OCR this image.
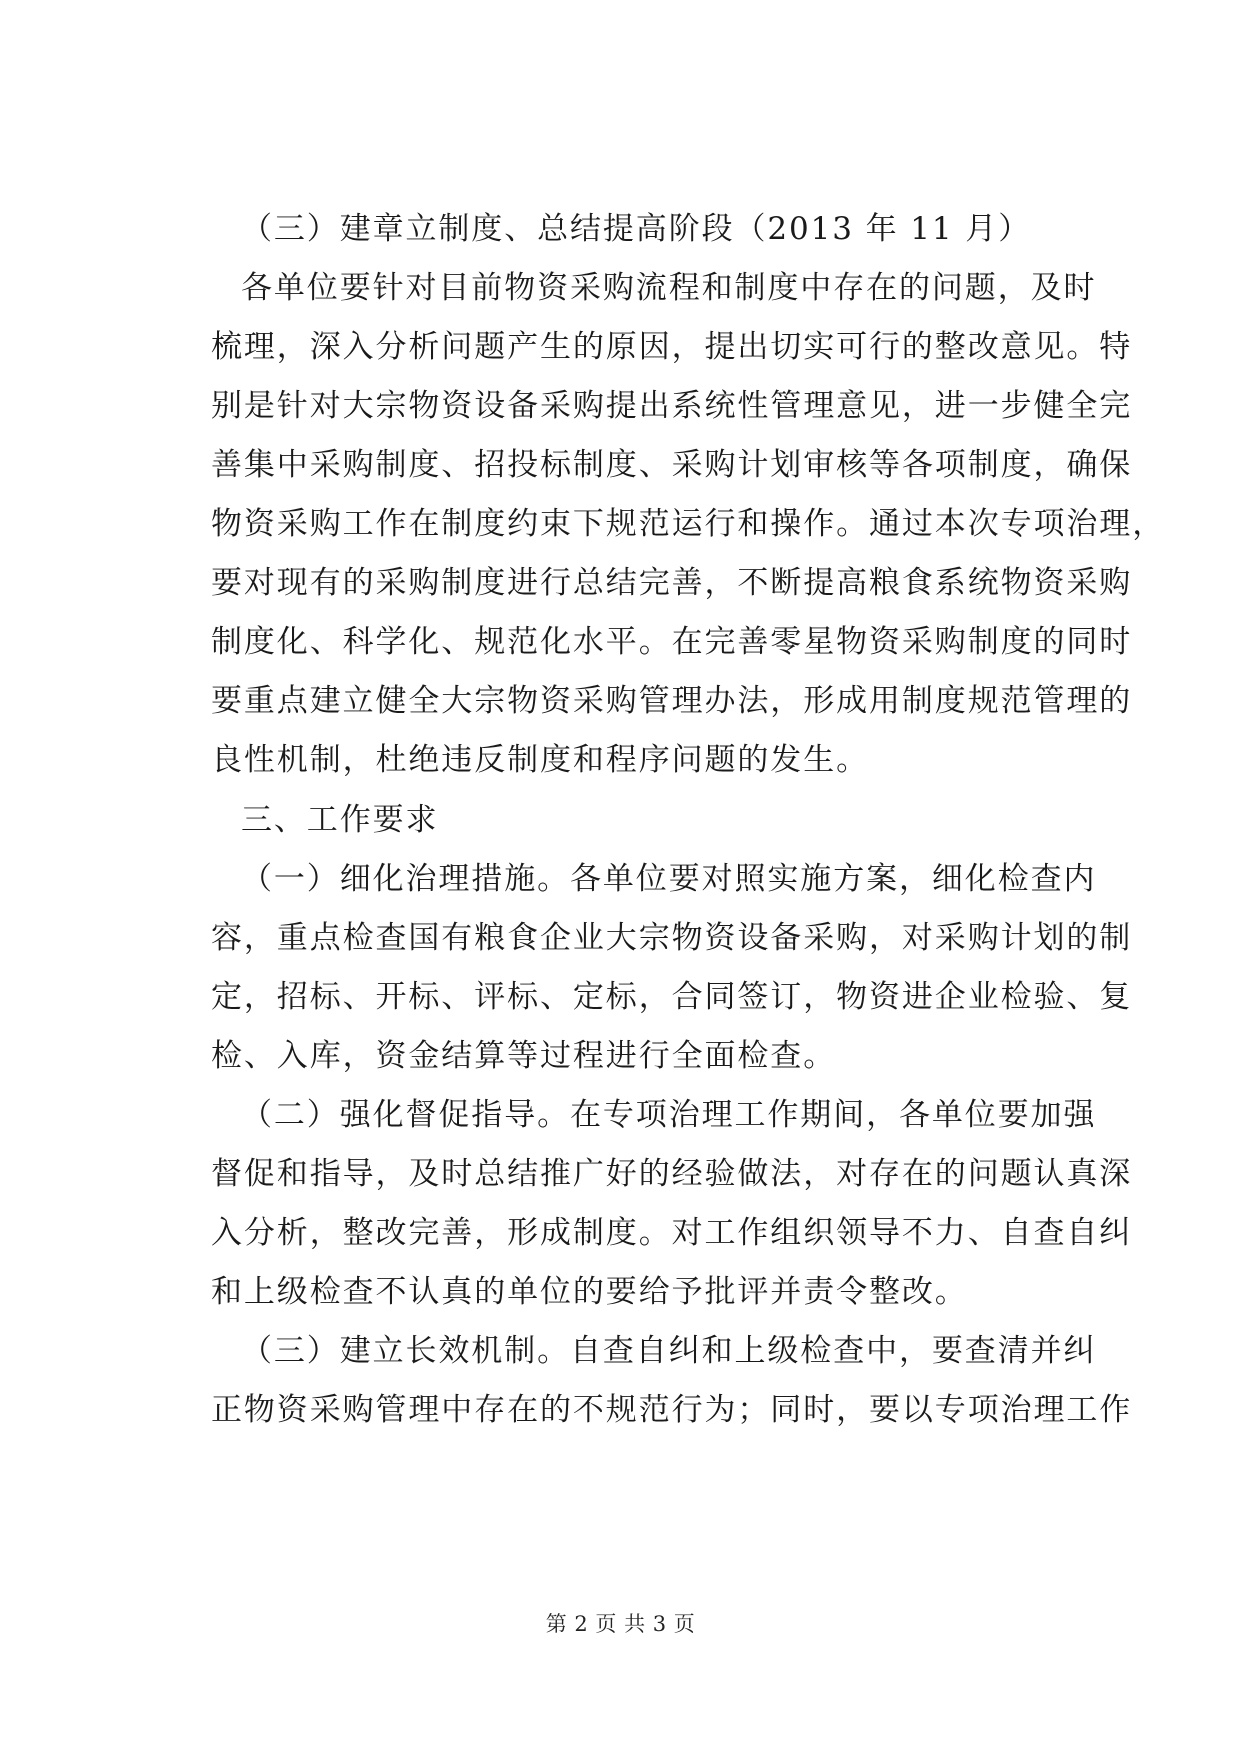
（三）建章立制度、总结提高阶段（2013 年 11 月）
各单位要针对目前物资采购流程和制度中存在的问题，及时
梳理，深入分析问题产生的原因，提出切实可行的整改意见。特
别是针对大宗物资设备采购提出系统性管理意见，进一步健全完
善集中采购制度、招投标制度、采购计划审核等各项制度，确保
物资采购工作在制度约束下规范运行和操作。通过本次专项治理，
要对现有的采购制度进行总结完善，不断提高粮食系统物资采购
制度化、科学化、规范化水平。在完善零星物资采购制度的同时
要重点建立健全大宗物资采购管理办法，形成用制度规范管理的
良性机制，杜绝违反制度和程序问题的发生。
三、工作要求
（一）细化治理措施。各单位要对照实施方案，细化检查内
容，重点检查国有粮食企业大宗物资设备采购，对采购计划的制
定，招标、开标、评标、定标，合同签订，物资进企业检验、复
检、入库，资金结算等过程进行全面检查。
（二）强化督促指导。在专项治理工作期间，各单位要加强
督促和指导，及时总结推广好的经验做法，对存在的问题认真深
入分析，整改完善，形成制度。对工作组织领导不力、自查自纠
和上级检查不认真的单位的要给予批评并责令整改。
（三）建立长效机制。自查自纠和上级检查中，要查清并纠
正物资采购管理中存在的不规范行为；同时，要以专项治理工作
第 2 页 共 3 页
